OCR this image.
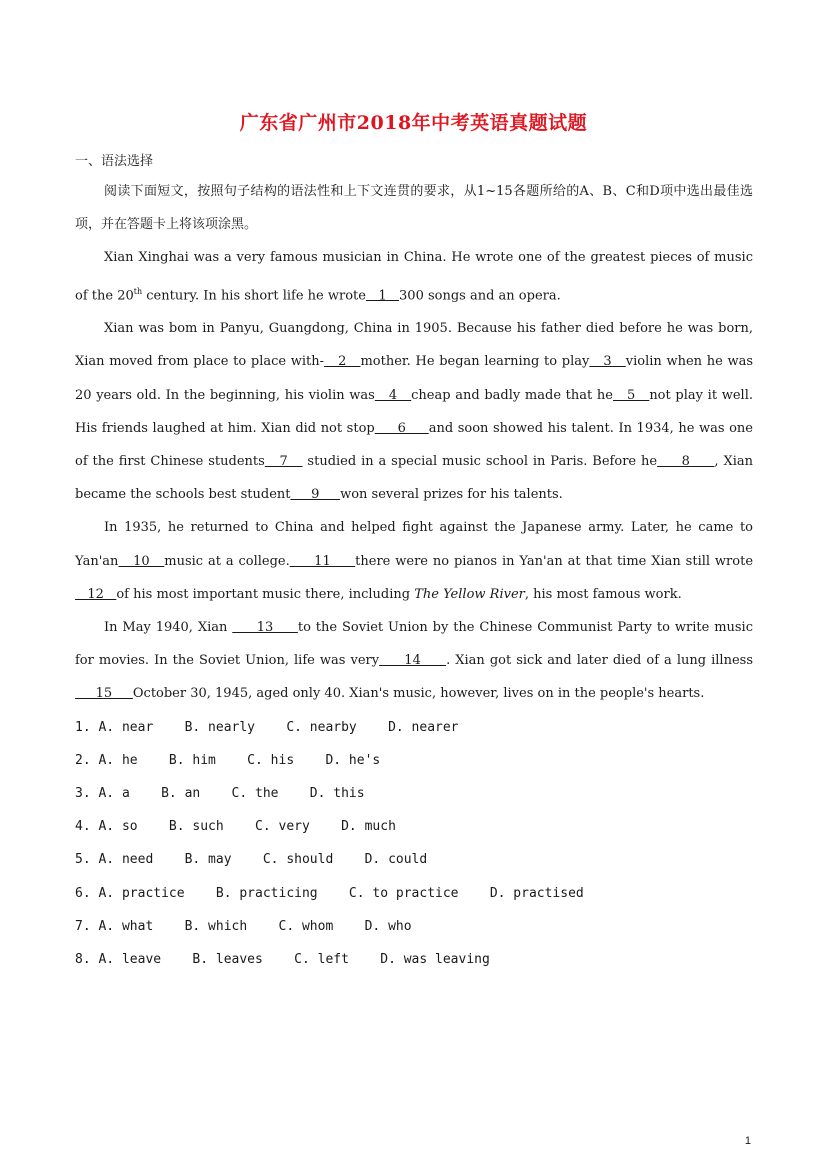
广东省广州市2018年中考英语真题试题
一、语法选择

阅读下面短文，按照句子结构的语法性和上下文连贯的要求，从1~15各题所给的A、B、C和D项中选出最佳选项，并在答题卡上将该项涂黑。

Xian Xinghai was a very famous musician in China. He wrote one of the greatest pieces of music of the 20th century. In his short life he wrote   1   300 songs and an opera.

Xian was bom in Panyu, Guangdong, China in 1905. Because his father died before he was born, Xian moved from place to place with-   2   mother. He began learning to play   3   violin when he was 20 years old. In the beginning, his violin was   4   cheap and badly made that he   5   not play it well. His friends laughed at him. Xian did not stop     6     and soon showed his talent. In 1934, he was one of the first Chinese students   7    studied in a special music school in Paris. Before he     8     , Xian became the schools best student     9     won several prizes for his talents.

In 1935, he returned to China and helped fight against the Japanese army. Later, he came to Yan'an   10   music at a college.     11     there were no pianos in Yan'an at that time Xian still wrote    12   of his most important music there, including The Yellow River, his most famous work.

In May 1940, Xian      13     to the Soviet Union by the Chinese Communist Party to write music for movies. In the Soviet Union, life was very     14     . Xian got sick and later died of a lung illness      15     October 30, 1945, aged only 40. Xian's music, however, lives on in the people's hearts.

1. A. near    B. nearly    C. nearby    D. nearer
2. A. he    B. him    C. his    D. he's
3. A. a    B. an    C. the    D. this
4. A. so    B. such    C. very    D. much
5. A. need    B. may    C. should    D. could
6. A. practice    B. practicing    C. to practice    D. practised
7. A. what    B. which    C. whom    D. who
8. A. leave    B. leaves    C. left    D. was leaving
1
